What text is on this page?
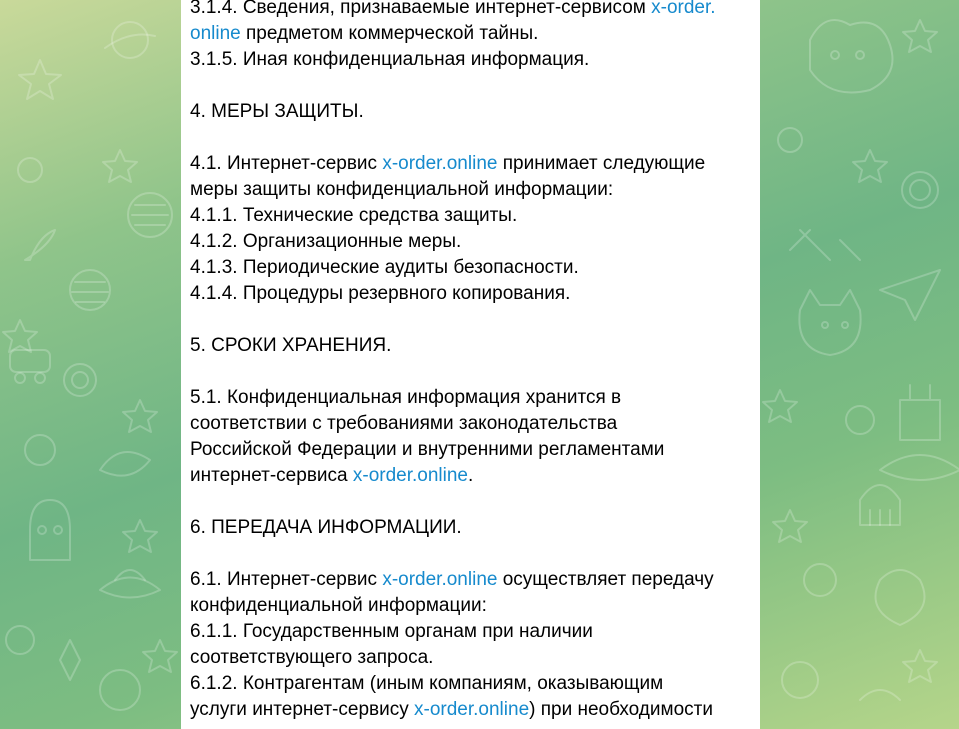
3.1.4. Сведения, признаваемые интернет-сервисом x-order.
online предметом коммерческой тайны.
3.1.5. Иная конфиденциальная информация.
4. МЕРЫ ЗАЩИТЫ.
4.1. Интернет-сервис x-order.online принимает следующие
меры защиты конфиденциальной информации:
4.1.1. Технические средства защиты.
4.1.2. Организационные меры.
4.1.3. Периодические аудиты безопасности.
4.1.4. Процедуры резервного копирования.
5. СРОКИ ХРАНЕНИЯ.
5.1. Конфиденциальная информация хранится в
соответствии с требованиями законодательства
Российской Федерации и внутренними регламентами
интернет-сервиса x-order.online.
6. ПЕРЕДАЧА ИНФОРМАЦИИ.
6.1. Интернет-сервис x-order.online осуществляет передачу
конфиденциальной информации:
6.1.1. Государственным органам при наличии
соответствующего запроса.
6.1.2. Контрагентам (иным компаниям, оказывающим
услуги интернет-сервису x-order.online) при необходимости
